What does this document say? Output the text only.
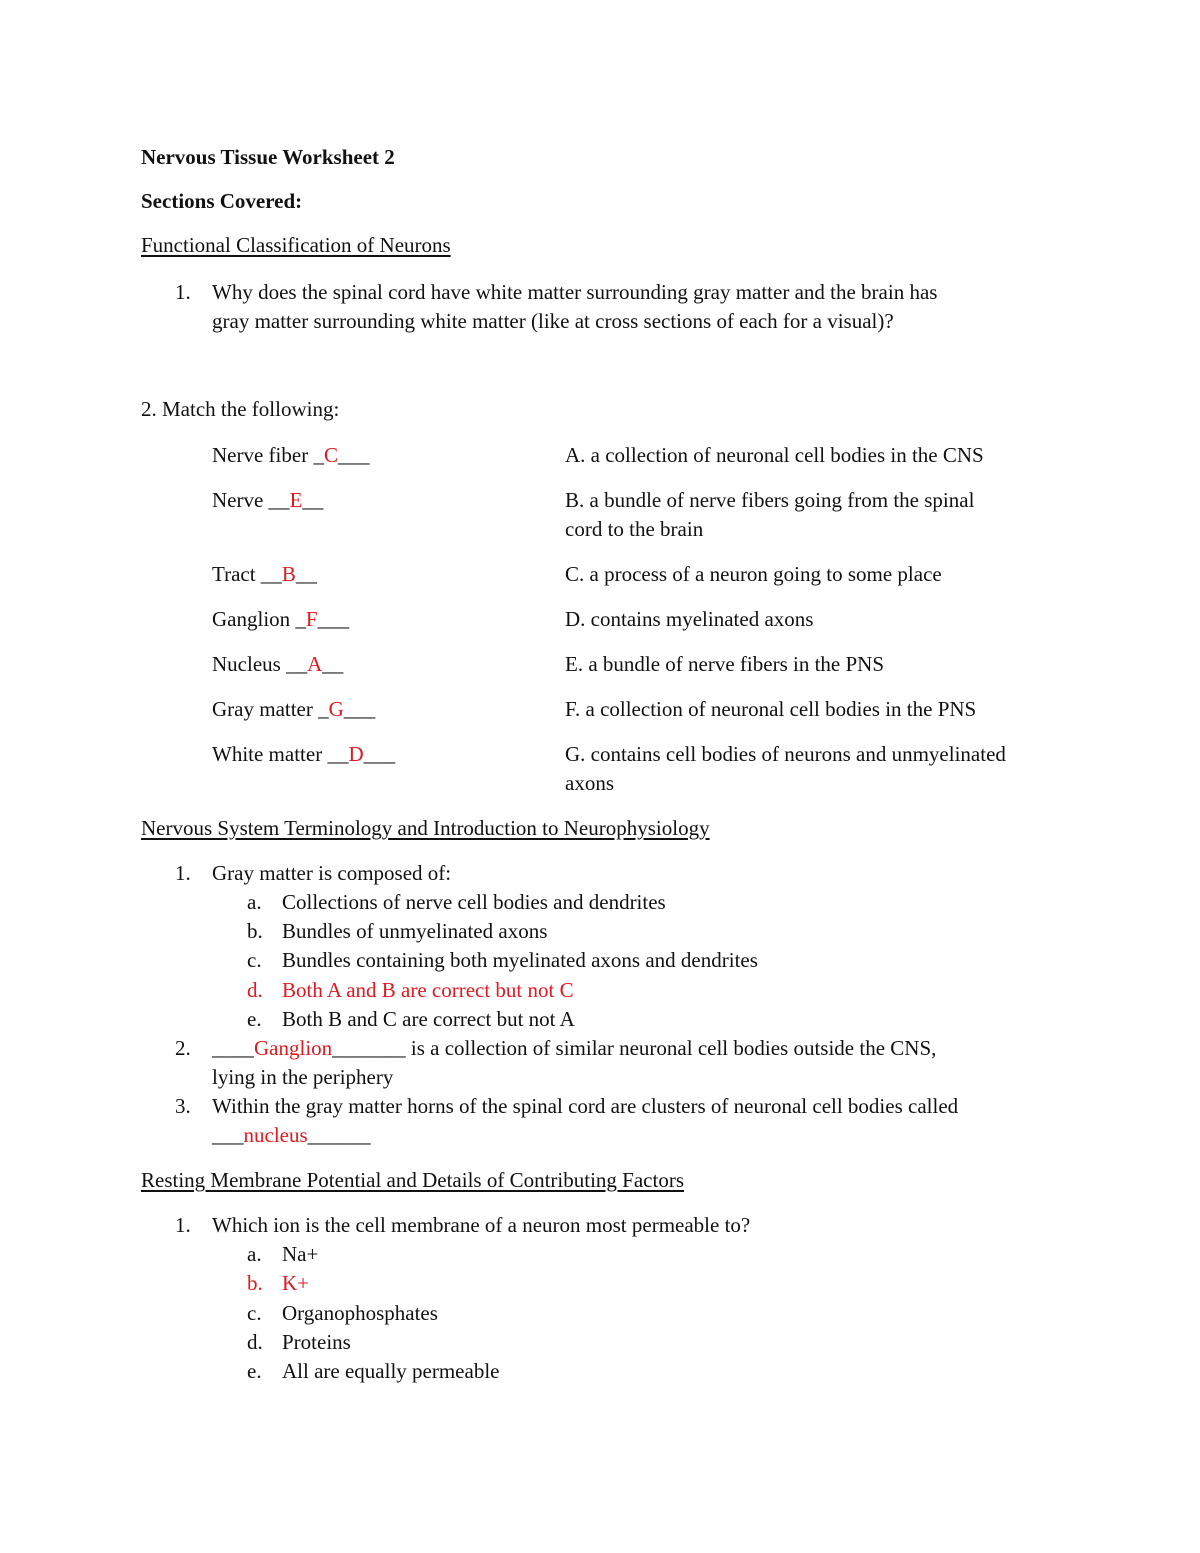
Nervous Tissue Worksheet 2
Sections Covered:
Functional Classification of Neurons
1. Why does the spinal cord have white matter surrounding gray matter and the brain has
gray matter surrounding white matter (like at cross sections of each for a visual)?
2. Match the following:
Nerve fiber _C___
Nerve __E__
Tract __B__
Ganglion _F___
Nucleus __A__
Gray matter _G___
White matter __D___
A. a collection of neuronal cell bodies in the CNS
B. a bundle of nerve fibers going from the spinal
cord to the brain
C. a process of a neuron going to some place
D. contains myelinated axons
E. a bundle of nerve fibers in the PNS
F. a collection of neuronal cell bodies in the PNS
G. contains cell bodies of neurons and unmyelinated
axons
Nervous System Terminology and Introduction to Neurophysiology
1. Gray matter is composed of:
a. Collections of nerve cell bodies and dendrites
b. Bundles of unmyelinated axons
c. Bundles containing both myelinated axons and dendrites
d. Both A and B are correct but not C
e. Both B and C are correct but not A
2. ____Ganglion_______ is a collection of similar neuronal cell bodies outside the CNS,
lying in the periphery
3. Within the gray matter horns of the spinal cord are clusters of neuronal cell bodies called
___nucleus______
Resting Membrane Potential and Details of Contributing Factors
1. Which ion is the cell membrane of a neuron most permeable to?
a. Na+
b. K+
c. Organophosphates
d. Proteins
e. All are equally permeable
